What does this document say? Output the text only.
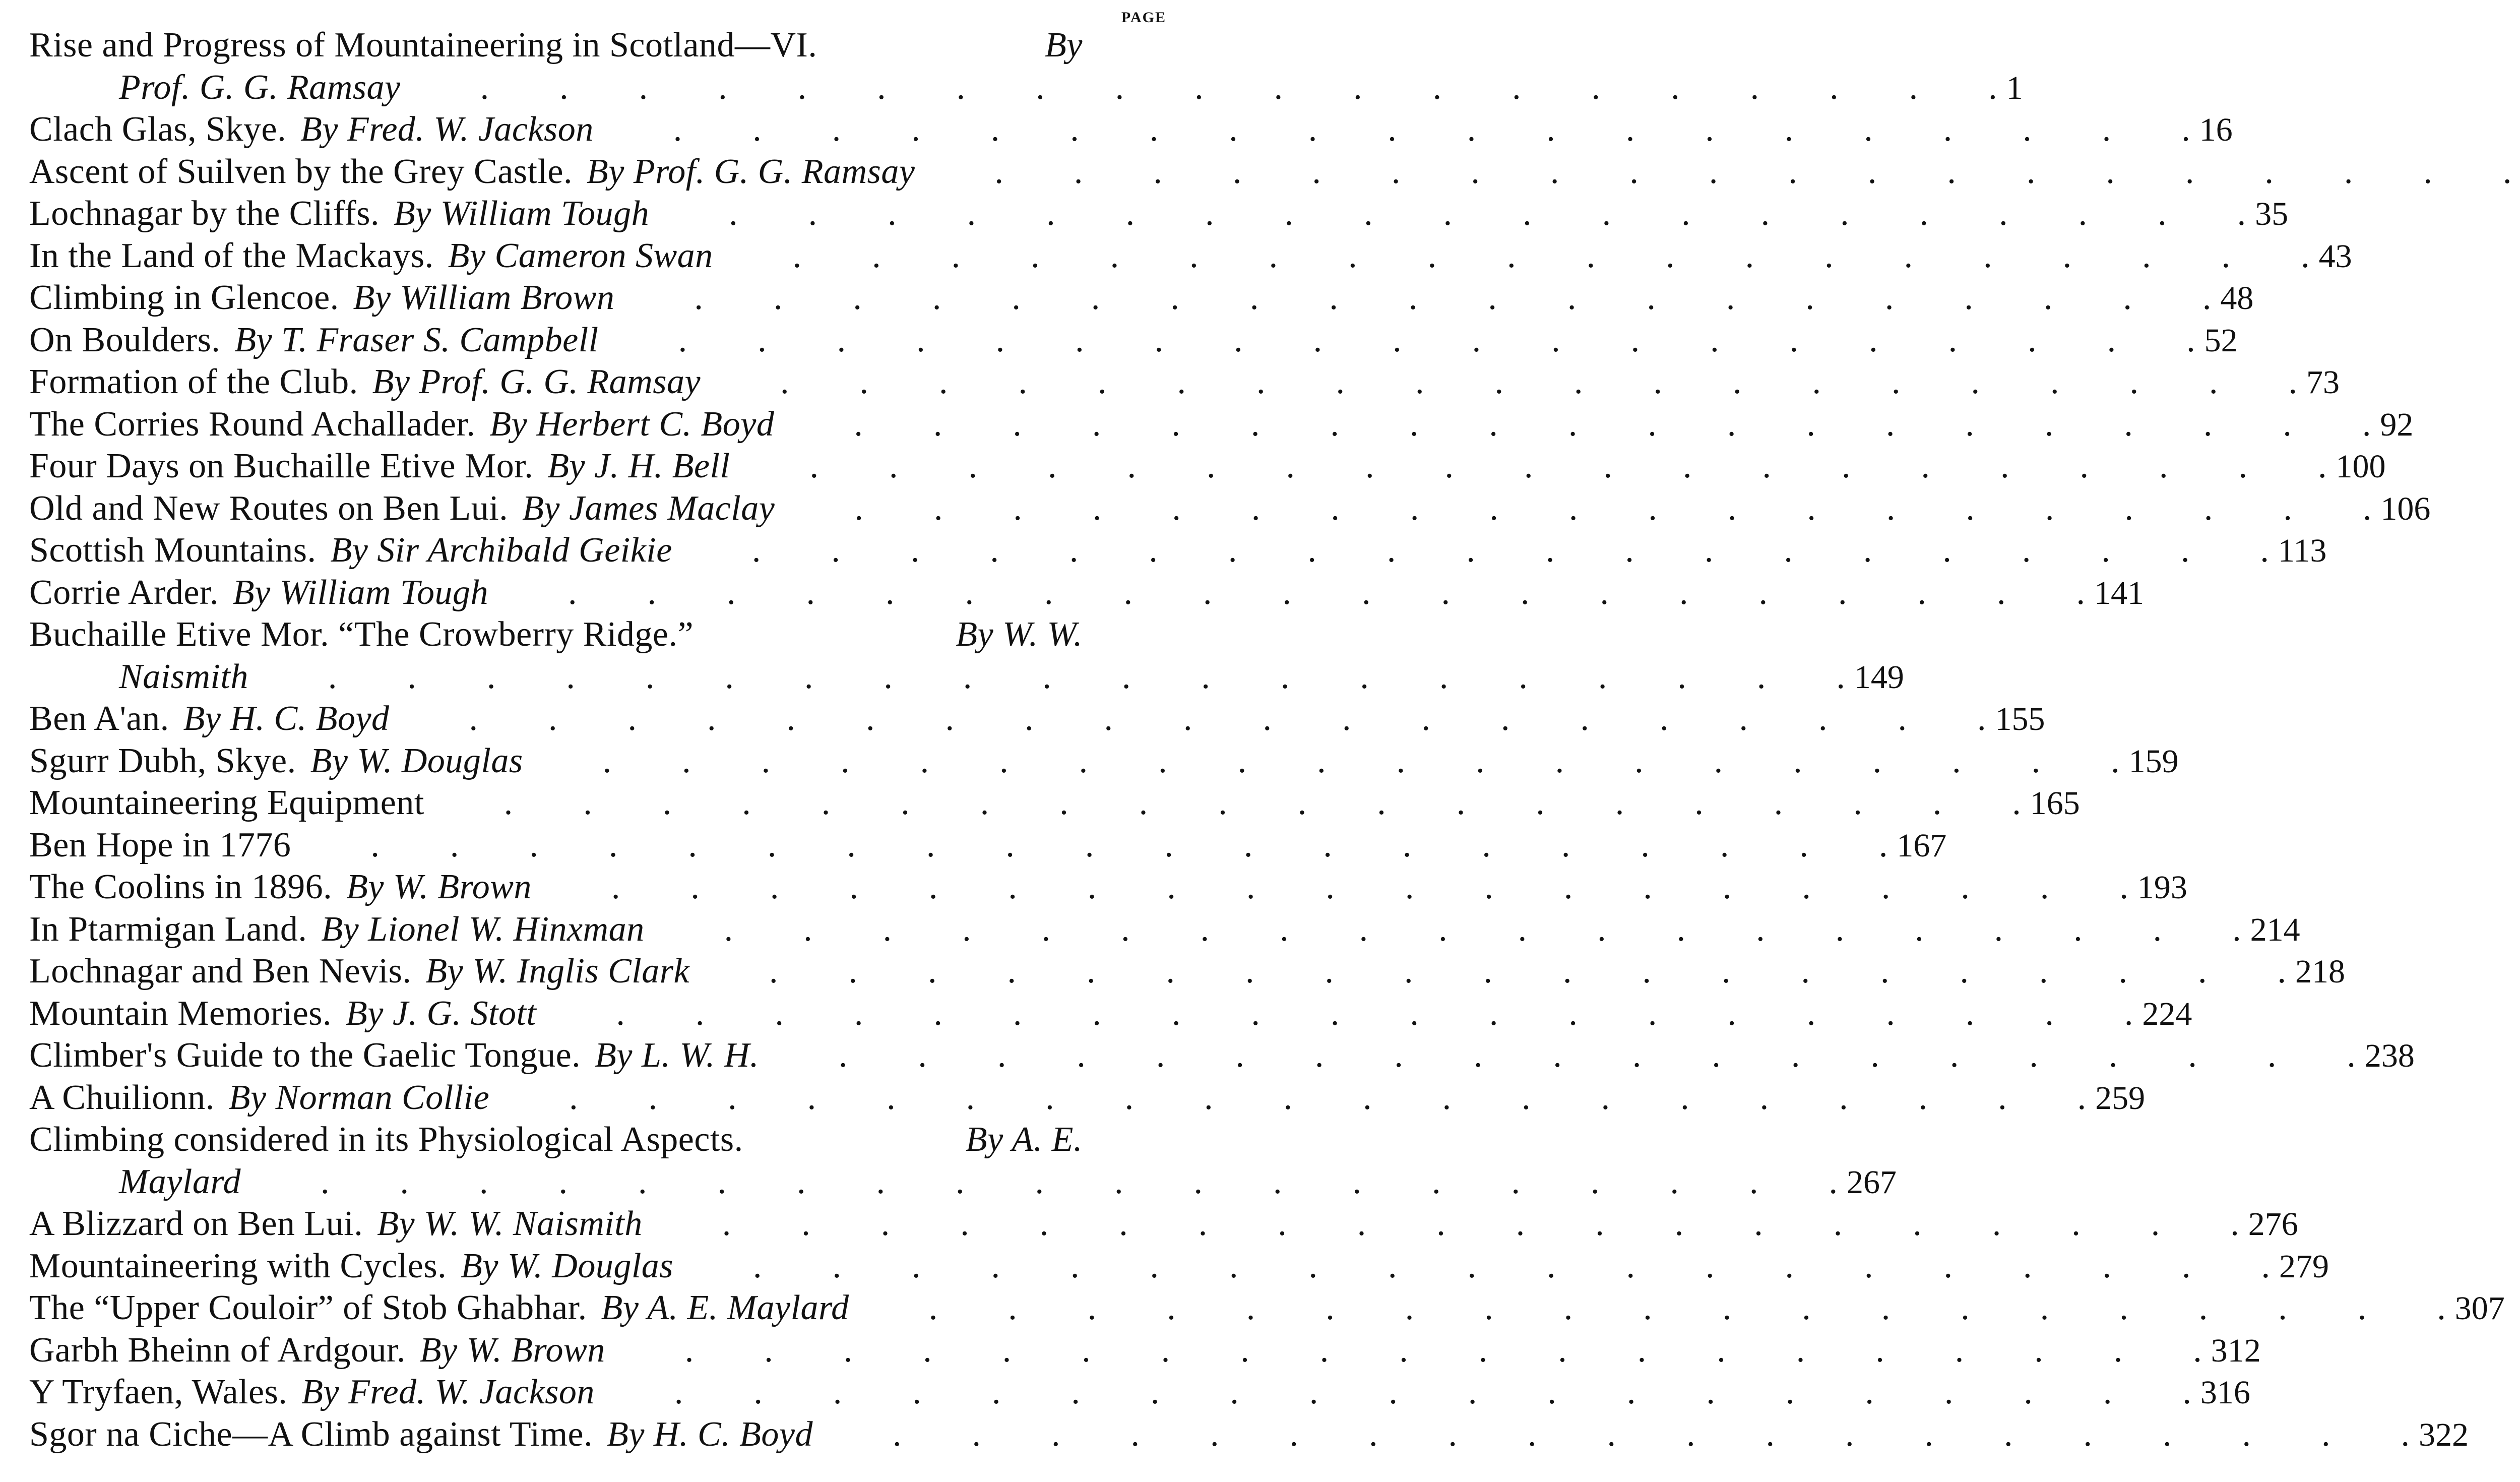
PAGE
Rise and Progress of Mountaineering in Scotland—VI.	By
Prof. G. G. Ramsay .  .  .  .  .  .  .  .  .  .  .  .  .  .  .  .  .  .  .  .   1
Clach Glas, Skye. By Fred. W. Jackson .  .  .  .  .  .  .  .  .  .  .  .  .  .  .  .  .  .  .  .   16
Ascent of Suilven by the Grey Castle. By Prof. G. G. Ramsay .  .  .  .  .  .  .  .  .  .  .  .  .  .  .  .  .  .  .  .  
Lochnagar by the Cliffs. By William Tough .  .  .  .  .  .  .  .  .  .  .  .  .  .  .  .  .  .  .  .   35
In the Land of the Mackays. By Cameron Swan .  .  .  .  .  .  .  .  .  .  .  .  .  .  .  .  .  .  .  .   43
Climbing in Glencoe. By William Brown .  .  .  .  .  .  .  .  .  .  .  .  .  .  .  .  .  .  .  .   48
On Boulders. By T. Fraser S. Campbell .  .  .  .  .  .  .  .  .  .  .  .  .  .  .  .  .  .  .  .   52
Formation of the Club. By Prof. G. G. Ramsay .  .  .  .  .  .  .  .  .  .  .  .  .  .  .  .  .  .  .  .   73
The Corries Round Achallader. By Herbert C. Boyd .  .  .  .  .  .  .  .  .  .  .  .  .  .  .  .  .  .  .  .   92
Four Days on Buchaille Etive Mor. By J. H. Bell .  .  .  .  .  .  .  .  .  .  .  .  .  .  .  .  .  .  .  .   100
Old and New Routes on Ben Lui. By James Maclay .  .  .  .  .  .  .  .  .  .  .  .  .  .  .  .  .  .  .  .   106
Scottish Mountains. By Sir Archibald Geikie .  .  .  .  .  .  .  .  .  .  .  .  .  .  .  .  .  .  .  .   113
Corrie Arder. By William Tough .  .  .  .  .  .  .  .  .  .  .  .  .  .  .  .  .  .  .  .   141
Buchaille Etive Mor. “The Crowberry Ridge.”	By W. W.
Naismith .  .  .  .  .  .  .  .  .  .  .  .  .  .  .  .  .  .  .  .   149
Ben A'an. By H. C. Boyd .  .  .  .  .  .  .  .  .  .  .  .  .  .  .  .  .  .  .  .   155
Sgurr Dubh, Skye. By W. Douglas .  .  .  .  .  .  .  .  .  .  .  .  .  .  .  .  .  .  .  .   159
Mountaineering Equipment .  .  .  .  .  .  .  .  .  .  .  .  .  .  .  .  .  .  .  .   165
Ben Hope in 1776 .  .  .  .  .  .  .  .  .  .  .  .  .  .  .  .  .  .  .  .   167
The Coolins in 1896. By W. Brown .  .  .  .  .  .  .  .  .  .  .  .  .  .  .  .  .  .  .  .   193
In Ptarmigan Land. By Lionel W. Hinxman .  .  .  .  .  .  .  .  .  .  .  .  .  .  .  .  .  .  .  .   214
Lochnagar and Ben Nevis. By W. Inglis Clark .  .  .  .  .  .  .  .  .  .  .  .  .  .  .  .  .  .  .  .   218
Mountain Memories. By J. G. Stott .  .  .  .  .  .  .  .  .  .  .  .  .  .  .  .  .  .  .  .   224
Climber's Guide to the Gaelic Tongue. By L. W. H. .  .  .  .  .  .  .  .  .  .  .  .  .  .  .  .  .  .  .  .   238
A Chuilionn. By Norman Collie .  .  .  .  .  .  .  .  .  .  .  .  .  .  .  .  .  .  .  .   259
Climbing considered in its Physiological Aspects.	By A. E.
Maylard .  .  .  .  .  .  .  .  .  .  .  .  .  .  .  .  .  .  .  .   267
A Blizzard on Ben Lui. By W. W. Naismith .  .  .  .  .  .  .  .  .  .  .  .  .  .  .  .  .  .  .  .   276
Mountaineering with Cycles. By W. Douglas .  .  .  .  .  .  .  .  .  .  .  .  .  .  .  .  .  .  .  .   279
The “Upper Couloir” of Stob Ghabhar. By A. E. Maylard .  .  .  .  .  .  .  .  .  .  .  .  .  .  .  .  .  .  .  .   307
Garbh Bheinn of Ardgour. By W. Brown .  .  .  .  .  .  .  .  .  .  .  .  .  .  .  .  .  .  .  .   312
Y Tryfaen, Wales. By Fred. W. Jackson .  .  .  .  .  .  .  .  .  .  .  .  .  .  .  .  .  .  .  .   316
Sgor na Ciche—A Climb against Time. By H. C. Boyd .  .  .  .  .  .  .  .  .  .  .  .  .  .  .  .  .  .  .  .   322
